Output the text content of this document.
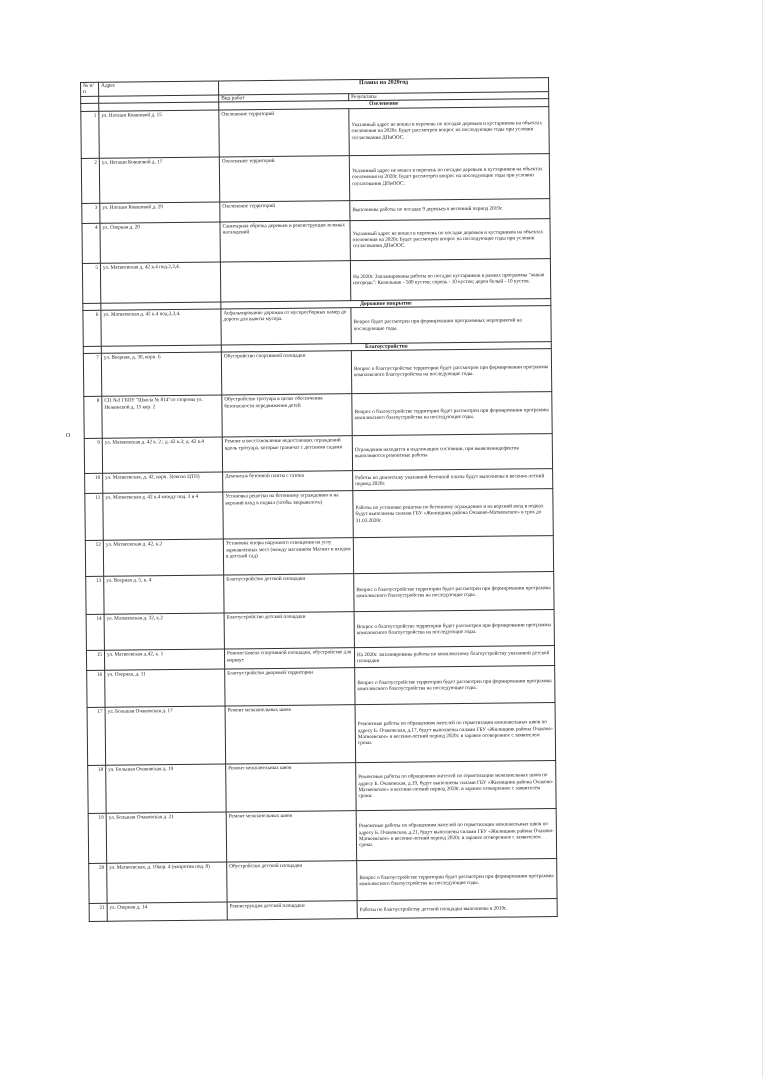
О
№ п/п	Адрес	Планы на 2020год	

		Вид работ	Результаты
		Озеленение	
1	ул. Наташи Ковшовой д. 15	Озеленение территорий	Указанный адрес не вошел в перечень по посадке деревьев и кустарников на объектах озеленения на 2020г. Будет рассмотрен вопрос на последующие годы при условии согласования ДПиООС.
2	ул. Наташи Ковшовой д. 17	Озеленение территорий	Указанный адрес не вошел в перечень по посадке деревьев и кустарников на объектах озеленения на 2020г. Будет рассмотрен вопрос на последующие годы при условии согласования ДПиООС.
3	ул. Наташи Ковшовой д. 29	Озеленение территорий	Выполнены работы по посадке 9 деревьев в весенний период 2019г.
4	ул. Озерная д. 20	Санитарная обрезка деревьев и реконструкция зеленых насаждений	Указанный адрес не вошел в перечень по посадке деревьев и кустарников на объектах озеленения на 2020г. Будет рассмотрен вопрос на последующие годы при условии согласования ДПиООС.
5	ул. Матвеевская д. 42 к.4 под.2,3,4.		На 2020г. Запланированы работы по посадке кустарников в рамках программы "живая изгородь": Кизильник - 500 кустов; сирень - 10 кустов; дерен белый - 10 кустов.
		Дорожное покрытие	
6	ул. Матвеевская д. 42 к.4 под.2,3,4.	Асфальтирование дорожки от мусоросборных камер до дороги для вывоза мусора.	Вопрос будет рассмотрен при формировании программных мероприятий на последующие годы.
		Благоустройство	
7	ул. Веерная, д. 30, корп. 6	Обустройство спортивной площадки	Вопрос о благоустройстве территории будет рассмотрен при формировании программы комплексного благоустройства на последующие годы.
8	СП №3 ГБОУ "Школа № 814"со стороны ул. Нежинской д. 15 кор. 2	Обустройство тротуара в целях обеспечения безопасности передвижения детей	Вопрос о благоустройстве территории будет рассмотрен при формировании программы комплексного благоустройства на последующие годы.
9	ул. Матвеевская д. 42 к. 2 ; д. 42 к.3; д. 42 к.4	Ремонт и восстановление недостающих ограждений вдоль тротуара, которые граничат с детскими садами	Ограждения находятся в надлежащем состоянии, при выявлениидефектов выполняются ремонтные работы
10	ул. Матвеевская, д. 42, корп. 3(около ЦТП)	Демонтаж бетонной плиты с газона	Работы по демонтажу указанной бетонной плиты будут выполнены в весенне-летний период 2020г.
11	ул. Матвеевская д. 42 к.4 между под. 3 и 4	Установка решетки на бетонному ограждению и на верхний вход в подвал (чтобы закрывалось)	Работы по установке решетки по бетонному ограждению и на верхний вход в подвал будут выполнены силами ГБУ «Жилищник района Очаково-Матвеевское» в срок до 31.03.2020г.
12	ул. Матвеевская д. 42, к.2	Установка опоры наружного освещения на углу заржавленных мест (между магазином Магнит и входом в детский сад)	
13	ул. Веерная д. 5, к. 4	Благоустройство детской площадки	Вопрос о благоустройстве территории будет рассмотрен при формировании программы комплексного благоустройства на последующие годы.
14	ул. Матвеевская д. 32, к.2	Благоустройство детской площадки	Вопрос о благоустройстве территории будет рассмотрен при формировании программы комплексного благоустройства на последующие годы.
15	ул. Матвеевская д.42, к. 1	Ремонт/замена спортивной площадки, обустройство для воркаут	На 2020г. запланированы работы по комплексному благоустройству указанной детской площадки
16	ул. Озерная, д. 11	Благоустройство дворовой территории	Вопрос о благоустройстве территории будет рассмотрен при формировании программы комплексного благоустройства на последующие годы.
17	ул. Большая Очаковская д. 17	Ремонт межпанельных швов	Ремонтные работы по обращениям жителей по герметизации межпанельных швов по адресу Б. Очаковская, д.17, будут выполнены силами ГБУ «Жилищник района Очаково-Матвеевское» в весенне-летний период 2020г. в заранее оговоренное с заявителем сроки.
18	ул. Большая Очаковская д. 19	Ремонт межпанельных швов	Ремонтные работы по обращениям жителей по герметизации межпанельных швов по адресу Б. Очаковская, д.19, будут выполнены силами ГБУ «Жилищник района Очаково-Матвеевское» в весенне-летний период 2020г. в заранее оговоренное с заявителем сроки.
19	ул. Большая Очаковская д. 21	Ремонт межпанельных швов	Ремонтные работы по обращениям жителей по герметизации межпанельных швов по адресу Б. Очаковская, д.21, будут выполнены силами ГБУ «Жилищник района Очаково-Матвеевское» в весенне-летний период 2020г. в заранее оговоренное с заявителем сроки.
20	ул. Матвеевская, д. 10кор. 4 (напротив под. 8)	Обустройство детской площадки	Вопрос о благоустройстве территории будет рассмотрен при формировании программы комплексного благоустройства на последующие годы.
21	ул. Озерная д. 14	Реконструкция детской площадки	Работы по благоустройству детской площадки выполнены в 2019г.
